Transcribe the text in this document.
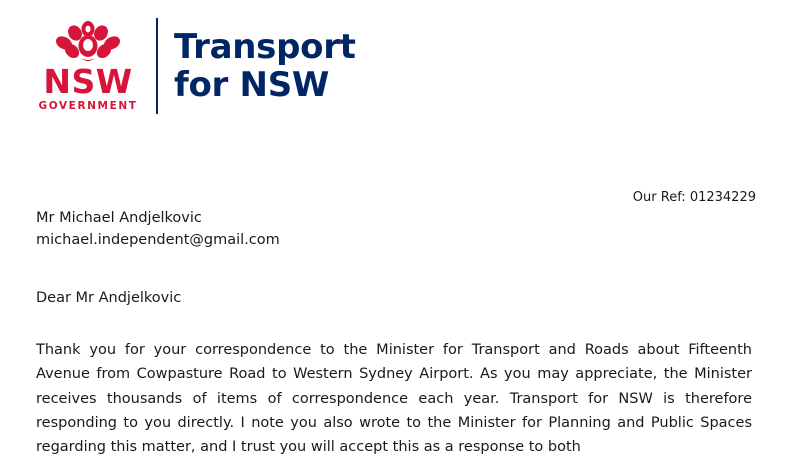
NSW
GOVERNMENT
Transport
for NSW
Our Ref: 01234229
Mr Michael Andjelkovic
michael.independent@gmail.com
Dear Mr Andjelkovic
Thank you for your correspondence to the Minister for Transport and Roads about Fifteenth Avenue from Cowpasture Road to Western Sydney Airport. As you may appreciate, the Minister receives thousands of items of correspondence each year. Transport for NSW is therefore responding to you directly. I note you also wrote to the Minister for Planning and Public Spaces regarding this matter, and I trust you will accept this as a response to both
